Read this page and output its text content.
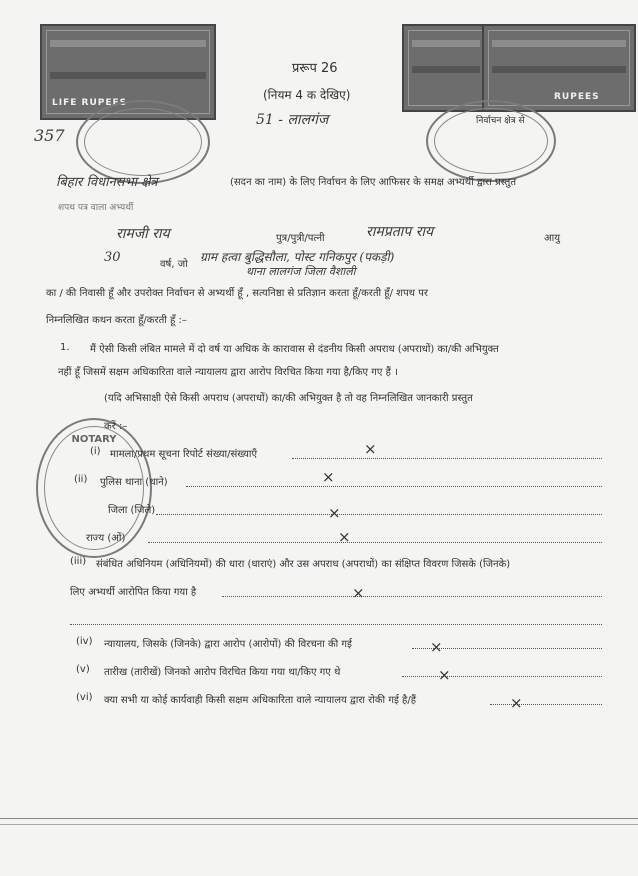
LIFE RUPEES
RUPEES
NOTARY
प्ररूप 26
(नियम 4 क देखिए)
51 - लालगंज
357
निर्वाचन क्षेत्र से
बिहार विधानसभा क्षेत्र	(सदन का नाम) के लिए निर्वाचन के लिए आफिसर के समक्ष अभ्यर्थी द्वारा प्रस्तुत
शपथ पत्र वाला अभ्यर्थी
रामजी राय	पुत्र/पुत्री/पत्नी	रामप्रताप राय	आयु
30	वर्ष, जो
ग्राम हत्वा बुद्धिसौला, पोस्ट गनिकपुर (पकड़ी)
थाना लालगंज जिला वैशाली
का / की निवासी हूँ और उपरोक्त निर्वाचन से अभ्यर्थी हूँ , सत्यनिष्ठा से प्रतिज्ञान करता हूँ/करती हूँ/ शपथ पर
निम्नलिखित कथन करता हूँ/करती हूँ :–
1. मैं ऐसी किसी लंबित मामले में दो वर्ष या अधिक के कारावास से दंडनीय किसी अपराध (अपराधों) का/की अभियुक्त
नहीं हूँ जिसमें सक्षम अधिकारिता वाले न्यायालय द्वारा आरोप विरचित किया गया है/किए गए हैं ।
(यदि अभिसाक्षी ऐसे किसी अपराध (अपराधों) का/की अभियुक्त है तो वह निम्नलिखित जानकारी प्रस्तुत
करें :–
(i) मामला/प्रथम सूचना रिपोर्ट संख्या/संख्याएँ	×
(ii) पुलिस थाना (थाने)	×
जिला (जिले)	×
राज्य (ओं)	×
(iii) संबंधित अधिनियम (अधिनियमों) की धारा (धाराएं) और उस अपराध (अपराधों) का संक्षिप्त विवरण जिसके (जिनके)
लिए अभ्यर्थी आरोपित किया गया है	×
(iv) न्यायालय, जिसके (जिनके) द्वारा आरोप (आरोपों) की विरचना की गई	×
(v) तारीख (तारीखें) जिनको आरोप विरचित किया गया था/किए गए थे	×
(vi) क्या सभी या कोई कार्यवाही किसी सक्षम अधिकारिता वाले न्यायालय द्वारा रोकी गई है/हैं	×
